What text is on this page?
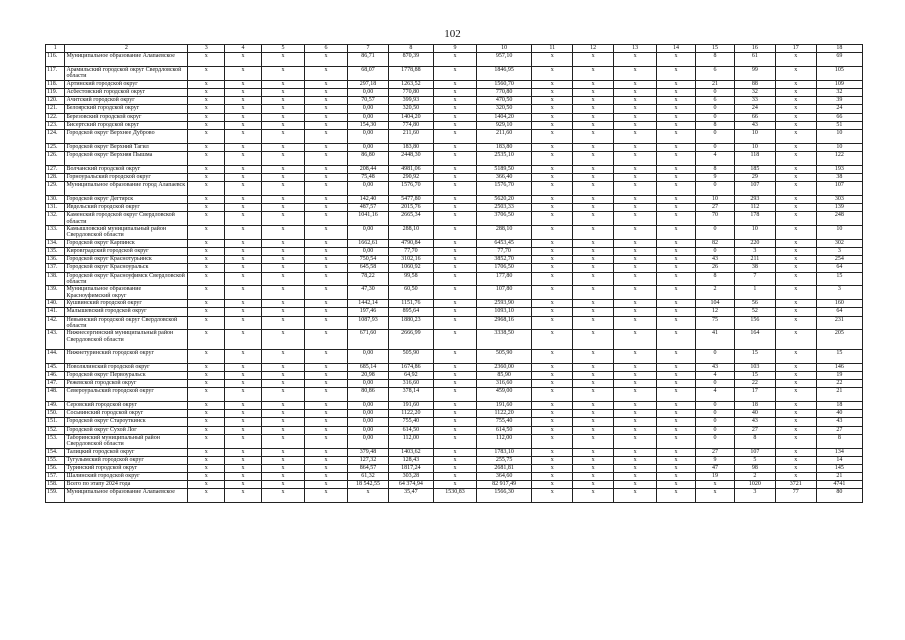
102
1	2	3	4	5	6	7	8	9	10	11	12	13	14	15	16	17	18
116.	Муниципальное образование Алапаевское	х	х	х	х	86,71	870,39	х	957,10	х	х	х	х	8	61	х	69
117.	Арамильский городской округ Свердловской области	х	х	х	х	68,07	1778,88	х	1846,95	х	х	х	х	6	99	х	105
118.	Артинский городской округ	х	х	х	х	297,18	1263,52	х	1560,70	х	х	х	х	21	88	х	109
119.	Асбестовский городской округ	х	х	х	х	0,00	770,80	х	770,80	х	х	х	х	0	32	х	32
120.	Ачитский городской округ	х	х	х	х	70,57	399,93	х	470,50	х	х	х	х	6	33	х	39
121.	Белоярский городской округ	х	х	х	х	0,00	320,50	х	320,50	х	х	х	х	0	24	х	24
122.	Березовский городской округ	х	х	х	х	0,00	1404,20	х	1404,20	х	х	х	х	0	66	х	66
123.	Бисертский городской округ	х	х	х	х	154,30	774,80	х	929,10	х	х	х	х	8	43	х	51
124.	Городской округ Верхнее Дуброво	х	х	х	х	0,00	211,60	х	211,60	х	х	х	х	0	10	х	10
125.	Городской округ Верхний Тагил	х	х	х	х	0,00	183,80	х	183,80	х	х	х	х	0	10	х	10
126.	Городской округ Верхняя Пышма	х	х	х	х	86,80	2448,30	х	2535,10	х	х	х	х	4	118	х	122
127.	Волчанский городской округ	х	х	х	х	208,44	4981,06	х	5189,50	х	х	х	х	8	185	х	193
128.	Горноуральский городской округ	х	х	х	х	75,48	290,92	х	366,40	х	х	х	х	9	29	х	38
129.	Муниципальное образование город Алапаевск	х	х	х	х	0,00	1576,70	х	1576,70	х	х	х	х	0	107	х	107
130.	Городской округ Дегтярск	х	х	х	х	142,40	5477,80	х	5620,20	х	х	х	х	10	293	х	303
131.	Ивдельский городской округ	х	х	х	х	487,57	2015,76	х	2503,33	х	х	х	х	27	112	х	139
132.	Каменский городской округ Свердловской области	х	х	х	х	1041,16	2665,34	х	3706,50	х	х	х	х	70	178	х	248
133.	Камышловский муниципальный район Свердловской области	х	х	х	х	0,00	288,10	х	288,10	х	х	х	х	0	10	х	10
134.	Городской округ Карпинск	х	х	х	х	1662,61	4790,84	х	6453,45	х	х	х	х	82	220	х	302
135.	Кировградский городской округ	х	х	х	х	0,00	77,70	х	77,70	х	х	х	х	0	3	х	3
136.	Городской округ Краснотурьинск	х	х	х	х	750,54	3102,16	х	3852,70	х	х	х	х	43	211	х	254
137.	Городской округ Красноуральск	х	х	х	х	645,58	1060,92	х	1706,50	х	х	х	х	26	38	х	64
138.	Городской округ Красноуфимск Свердловской области	х	х	х	х	78,22	99,58	х	177,80	х	х	х	х	8	7	х	15
139.	Муниципальное образование Красноуфимский округ	х	х	х	х	47,30	60,50	х	107,80	х	х	х	х	2	1	х	3
140.	Кушвинский городской округ	х	х	х	х	1442,14	1151,76	х	2593,90	х	х	х	х	104	56	х	160
141.	Малышевский городской округ	х	х	х	х	197,46	895,64	х	1093,10	х	х	х	х	12	52	х	64
142.	Невьянский городской округ Свердловской области	х	х	х	х	1087,93	1880,23	х	2968,16	х	х	х	х	75	156	х	231
143.	Нижнесергинский муниципальный район Свердловской области	х	х	х	х	671,60	2666,99	х	3338,50	х	х	х	х	41	164	х	205
144.	Нижнетуринский городской округ	х	х	х	х	0,00	505,90	х	505,90	х	х	х	х	0	15	х	15
145.	Новолялинский городской округ	х	х	х	х	685,14	1674,86	х	2360,00	х	х	х	х	43	103	х	146
146.	Городской округ Первоуральск	х	х	х	х	20,98	64,92	х	85,90	х	х	х	х	4	15	х	19
147.	Режевской городской округ	х	х	х	х	0,00	316,60	х	316,60	х	х	х	х	0	22	х	22
148.	Североуральский городской округ	х	х	х	х	80,86	378,14	х	459,00	х	х	х	х	4	17	х	21
149.	Серовский городской округ	х	х	х	х	0,00	191,60	х	191,60	х	х	х	х	0	18	х	18
150.	Сосьвинский городской округ	х	х	х	х	0,00	1122,20	х	1122,20	х	х	х	х	0	40	х	40
151.	Городской округ Староуткинск	х	х	х	х	0,00	755,40	х	755,40	х	х	х	х	0	43	х	43
152.	Городской округ Сухой Лог	х	х	х	х	0,00	614,50	х	614,50	х	х	х	х	0	27	х	27
153.	Таборинский муниципальный район Свердловской области	х	х	х	х	0,00	112,00	х	112,00	х	х	х	х	0	8	х	8
154.	Талицкий городской округ	х	х	х	х	379,48	1403,62	х	1783,10	х	х	х	х	27	107	х	134
155.	Тугулымский городской округ	х	х	х	х	127,32	128,43	х	255,75	х	х	х	х	9	5	х	14
156.	Туринский городской округ	х	х	х	х	864,57	1817,24	х	2681,81	х	х	х	х	47	98	х	145
157.	Шалинский городской округ	х	х	х	х	61,32	303,28	х	364,60	х	х	х	х	19	2	х	21
158.	Всего по этапу 2024 года	х	х	х	х	18 542,55	64 374,94	х	82 917,49	х	х	х	х	х	1020	3721	4741
159.	Муниципальное образование Алапаевское	х	х	х	х	х	35,47	1530,83	1566,30	х	х	х	х	х	3	77	80
